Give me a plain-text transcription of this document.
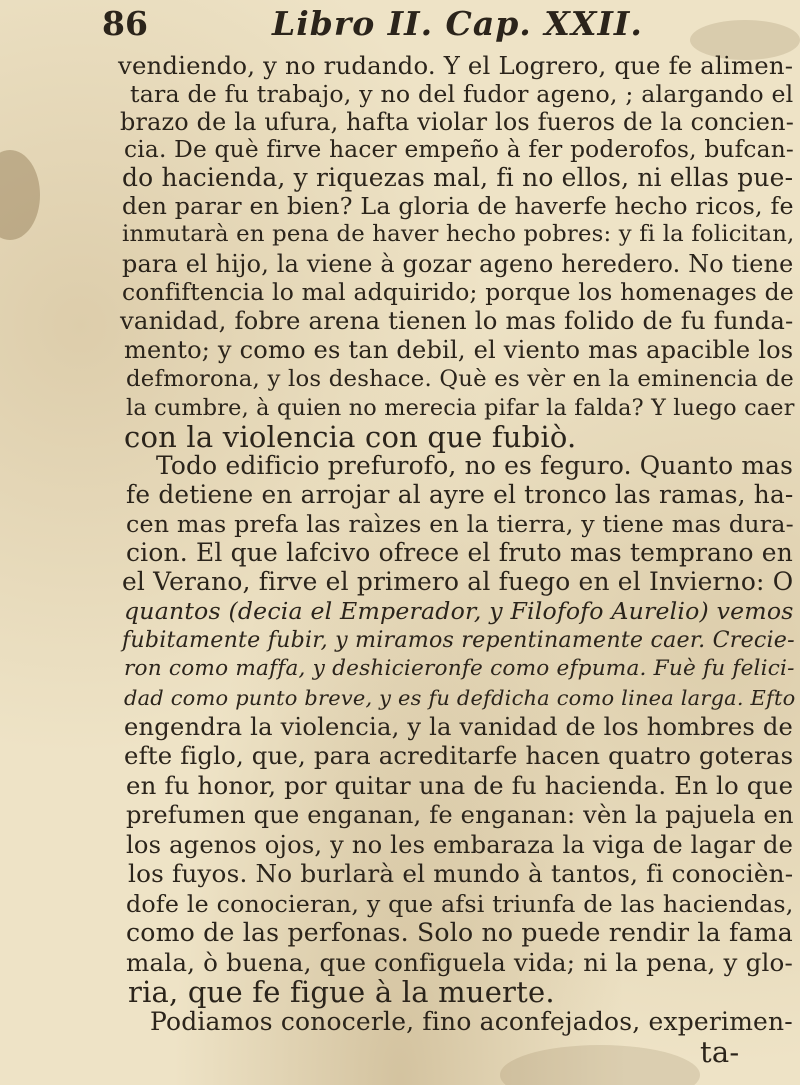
86	Libro II. Cap. XXII.
vendiendo, y no rudando. Y el Logrero, que fe alimen-
tara de fu trabajo, y no del fudor ageno, ; alargando el
brazo de la ufura, hafta violar los fueros de la concien-
cia. De què firve hacer empeño à fer poderofos, bufcan-
do hacienda, y riquezas mal, fi no ellos, ni ellas pue-
den parar en bien? La gloria de haverfe hecho ricos, fe
inmutarà en pena de haver hecho pobres: y fi la folicitan,
para el hijo, la viene à gozar ageno heredero. No tiene
confiftencia lo mal adquirido; porque los homenages de
vanidad, fobre arena tienen lo mas folido de fu funda-
mento; y como es tan debil, el viento mas apacible los
defmorona, y los deshace. Què es vèr en la eminencia de
la cumbre, à quien no merecia pifar la falda? Y luego caer
con la violencia con que fubiò.
Todo edificio prefurofo, no es feguro. Quanto mas
fe detiene en arrojar al ayre el tronco las ramas, ha-
cen mas prefa las raìzes en la tierra, y tiene mas dura-
cion. El que lafcivo ofrece el fruto mas temprano en
el Verano, firve el primero al fuego en el Invierno: O
quantos (decia el Emperador, y Filofofo Aurelio) vemos
fubitamente fubir, y miramos repentinamente caer. Crecie-
ron como maffa, y deshicieronfe como efpuma. Fuè fu felici-
dad como punto breve, y es fu defdicha como linea larga. Efto
engendra la violencia, y la vanidad de los hombres de
efte figlo, que, para acreditarfe hacen quatro goteras
en fu honor, por quitar una de fu hacienda. En lo que
prefumen que enganan, fe enganan: vèn la pajuela en
los agenos ojos, y no les embaraza la viga de lagar de
los fuyos. No burlarà el mundo à tantos, fi conocièn-
dofe le conocieran, y que afsi triunfa de las haciendas,
como de las perfonas. Solo no puede rendir la fama
mala, ò buena, que configuela vida; ni la pena, y glo-
ria, que fe figue à la muerte.
Podiamos conocerle, fino aconfejados, experimen-
ta-
